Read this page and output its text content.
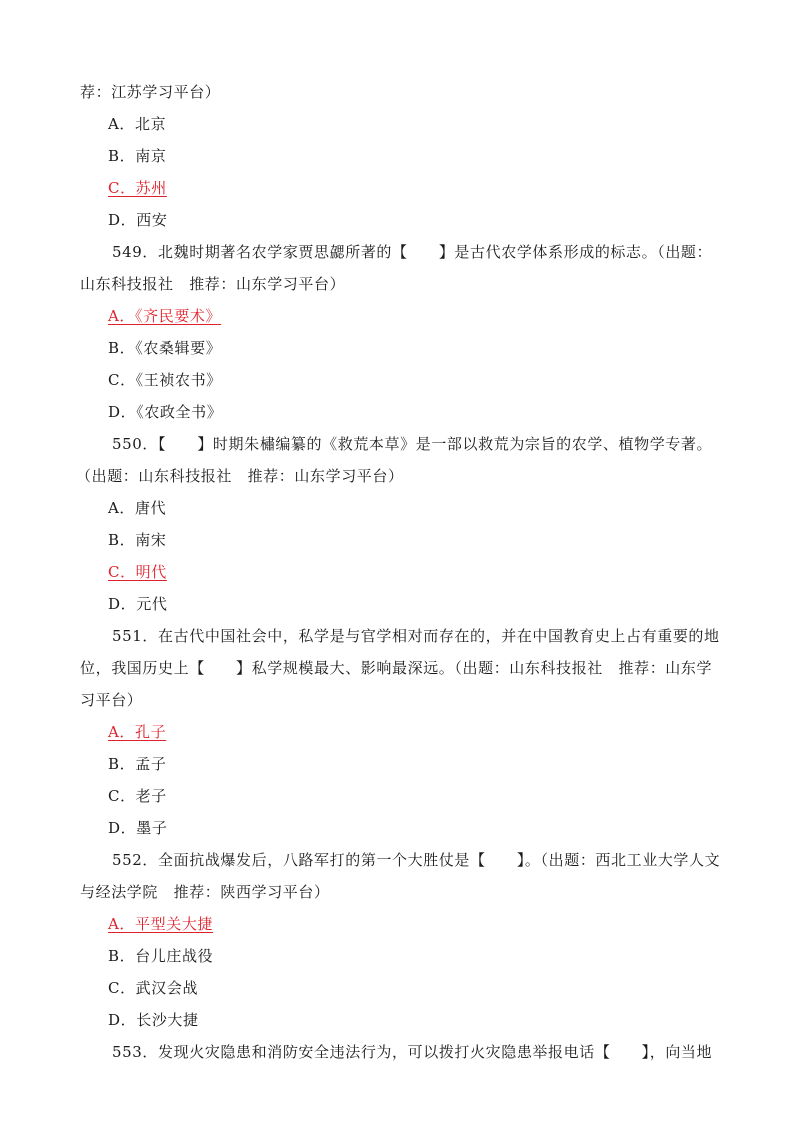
荐：江苏学习平台）
A．北京
B．南京
C．苏州
D．西安
549．北魏时期著名农学家贾思勰所著的【　　】是古代农学体系形成的标志。（出题：
山东科技报社　推荐：山东学习平台）
A．《齐民要术》
B．《农桑辑要》
C．《王祯农书》
D．《农政全书》
550．【　　】时期朱橚编纂的《救荒本草》是一部以救荒为宗旨的农学、植物学专著。
（出题：山东科技报社　推荐：山东学习平台）
A．唐代
B．南宋
C．明代
D．元代
551．在古代中国社会中，私学是与官学相对而存在的，并在中国教育史上占有重要的地
位，我国历史上【　　】私学规模最大、影响最深远。（出题：山东科技报社　推荐：山东学
习平台）
A．孔子
B．孟子
C．老子
D．墨子
552．全面抗战爆发后，八路军打的第一个大胜仗是【　　】。（出题：西北工业大学人文
与经法学院　推荐：陕西学习平台）
A．平型关大捷
B．台儿庄战役
C．武汉会战
D．长沙大捷
553．发现火灾隐患和消防安全违法行为，可以拨打火灾隐患举报电话【　　】，向当地
